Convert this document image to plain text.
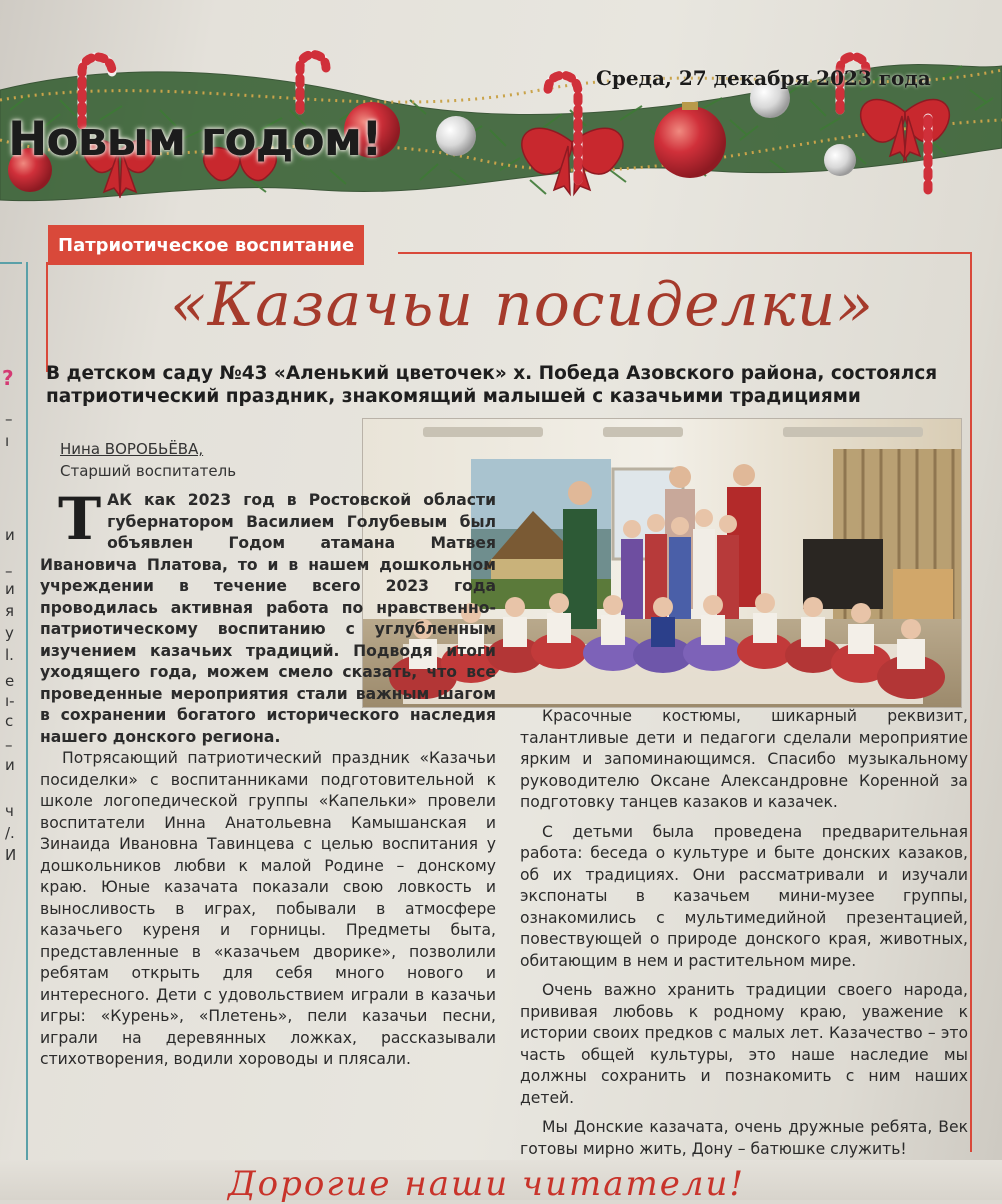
Новым годом!
Среда, 27 декабря 2023 года
?
–
ı
и
–
и
я
у
l.
е
ı-
с
–
и
ч
/.
И
Патриотическое воспитание
«Казачьи посиделки»
В детском саду №43 «Аленький цветочек» х. Победа Азовского района, состоялся патриотический праздник, знакомящий малышей с казачьими традициями
Нина ВОРОБЬЁВА,
Старший воспитатель

ТАК как 2023 год в Ростовской области губернатором Василием Голубевым был объявлен Годом атамана Матвея Ивановича Платова, то и в нашем дошкольном учреждении в течение всего 2023 года проводилась активная работа по нравственно-патриотическому воспитанию с углубленным изучением казачьих традиций. Подводя итоги уходящего года, можем смело сказать, что все проведенные мероприятия стали важным шагом в сохранении богатого исторического наследия нашего донского региона.

Потрясающий патриотический праздник «Казачьи посиделки» с воспитанниками подготовительной к школе логопедической группы «Капельки» провели воспитатели Инна Анатольевна Камышанская и Зинаида Ивановна Тавинцева с целью воспитания у дошкольников любви к малой Родине – донскому краю. Юные казачата показали свою ловкость и выносливость в играх, побывали в атмосфере казачьего куреня и горницы. Предметы быта, представленные в «казачьем дворике», позволили ребятам открыть для себя много нового и интересного. Дети с удовольствием играли в казачьи игры: «Курень», «Плетень», пели казачьи песни, играли на деревянных ложках, рассказывали стихотворения, водили хороводы и плясали.

Красочные костюмы, шикарный реквизит, талантливые дети и педагоги сделали мероприятие ярким и запоминающимся. Спасибо музыкальному руководителю Оксане Александровне Коренной за подготовку танцев казаков и казачек.

С детьми была проведена предварительная работа: беседа о культуре и быте донских казаков, об их традициях. Они рассматривали и изучали экспонаты в казачьем мини-музее группы, ознакомились с мультимедийной презентацией, повествующей о природе донского края, животных, обитающим в нем и растительном мире.

Очень важно хранить традиции своего народа, прививая любовь к родному краю, уважение к истории своих предков с малых лет. Казачество – это часть общей культуры, это наше наследие мы должны сохранить и познакомить с ним наших детей.

Мы Донские казачата, очень дружные ребята, Век готовы мирно жить, Дону – батюшке служить!

Дорогие наши читатели!
